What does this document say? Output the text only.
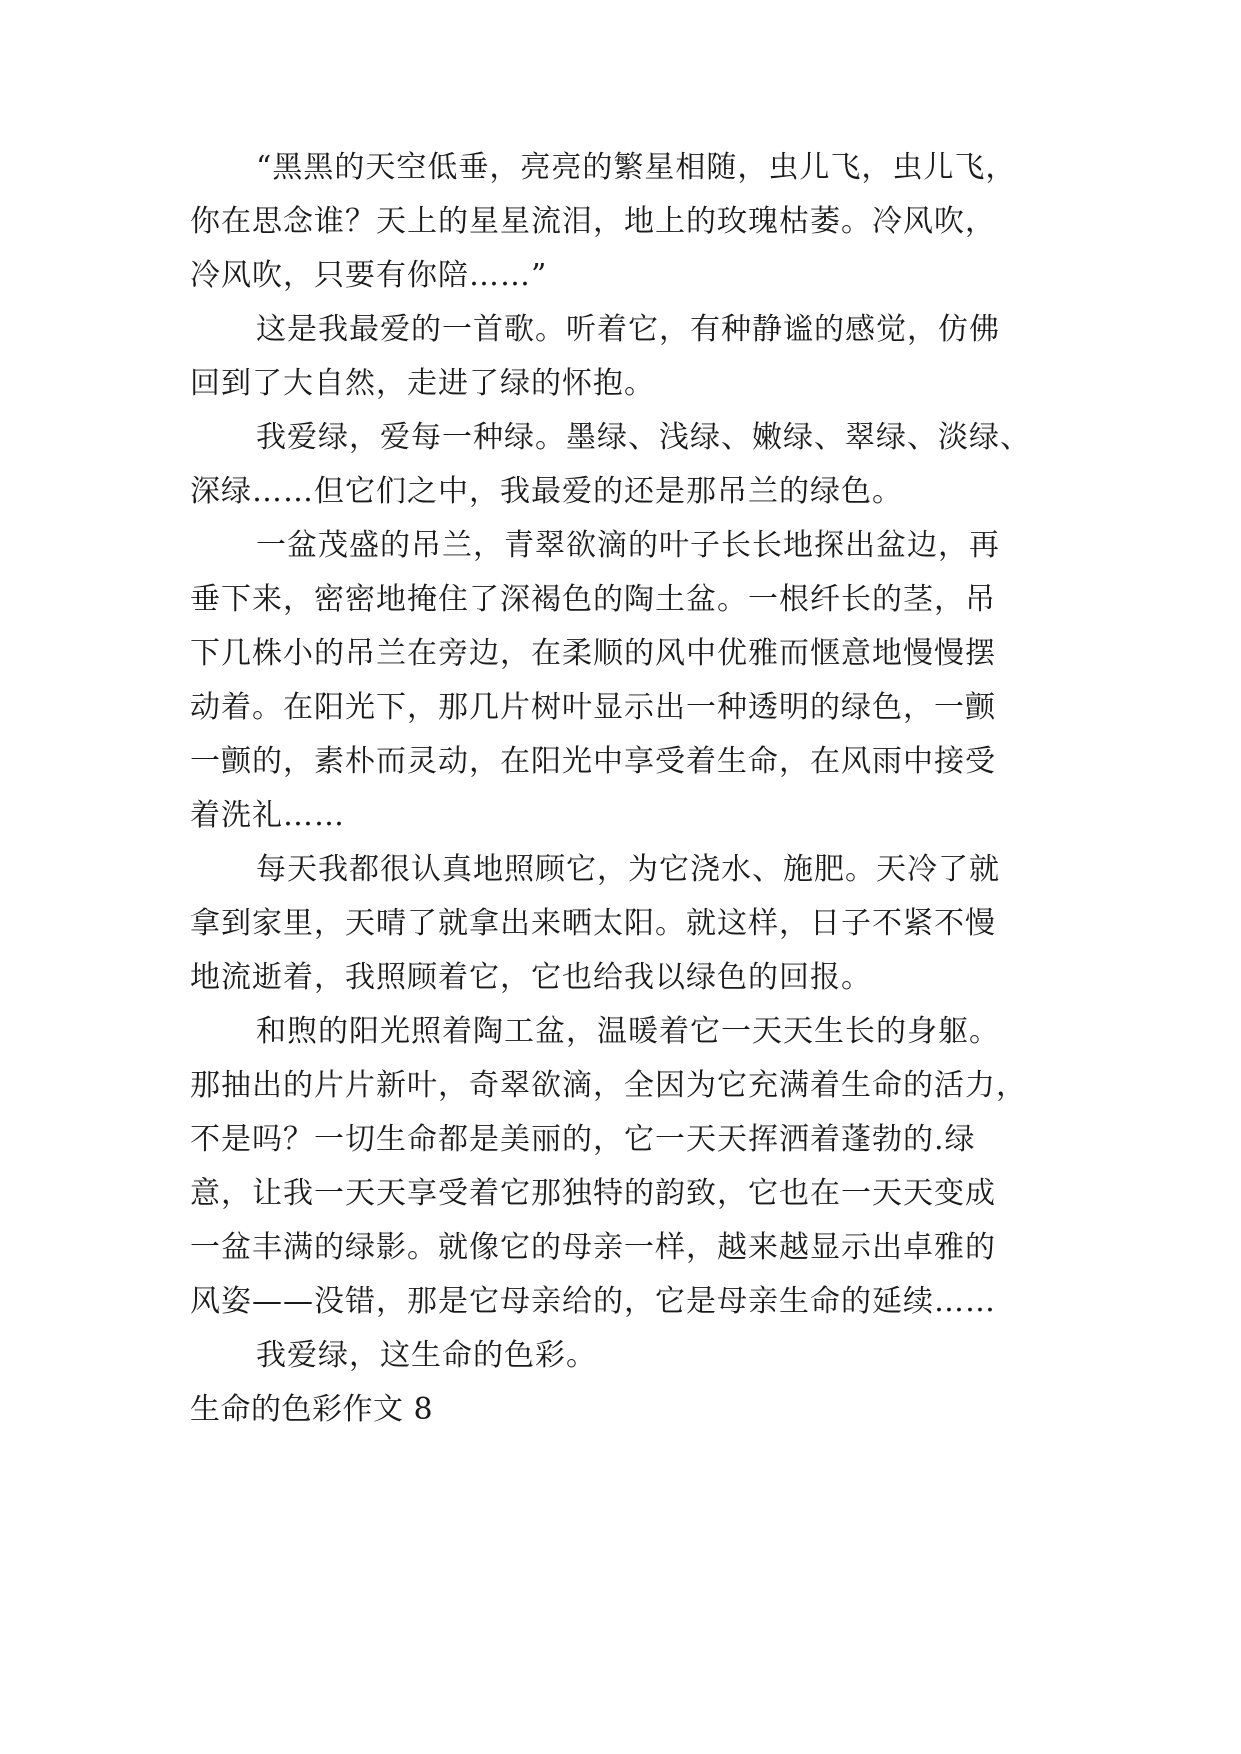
“黑黑的天空低垂，亮亮的繁星相随，虫儿飞，虫儿飞，

你在思念谁？天上的星星流泪，地上的玫瑰枯萎。冷风吹，

冷风吹，只要有你陪……”

这是我最爱的一首歌。听着它，有种静谧的感觉，仿佛

回到了大自然，走进了绿的怀抱。

我爱绿，爱每一种绿。墨绿、浅绿、嫩绿、翠绿、淡绿、

深绿……但它们之中，我最爱的还是那吊兰的绿色。

一盆茂盛的吊兰，青翠欲滴的叶子长长地探出盆边，再

垂下来，密密地掩住了深褐色的陶土盆。一根纤长的茎，吊

下几株小的吊兰在旁边，在柔顺的风中优雅而惬意地慢慢摆

动着。在阳光下，那几片树叶显示出一种透明的绿色，一颤

一颤的，素朴而灵动，在阳光中享受着生命，在风雨中接受

着洗礼……

每天我都很认真地照顾它，为它浇水、施肥。天冷了就

拿到家里，天晴了就拿出来晒太阳。就这样，日子不紧不慢

地流逝着，我照顾着它，它也给我以绿色的回报。

和煦的阳光照着陶工盆，温暖着它一天天生长的身躯。

那抽出的片片新叶，奇翠欲滴，全因为它充满着生命的活力，

不是吗？一切生命都是美丽的，它一天天挥洒着蓬勃的.绿

意，让我一天天享受着它那独特的韵致，它也在一天天变成

一盆丰满的绿影。就像它的母亲一样，越来越显示出卓雅的

风姿——没错，那是它母亲给的，它是母亲生命的延续……

我爱绿，这生命的色彩。

生命的色彩作文 8
